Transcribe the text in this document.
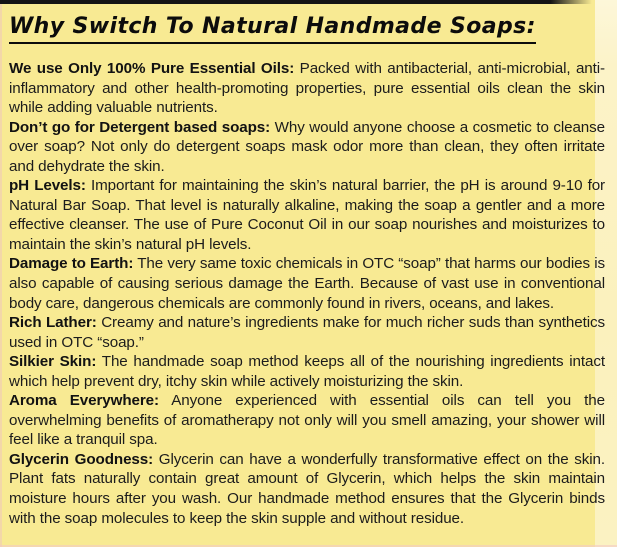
Why Switch To Natural Handmade Soaps:

We use Only 100% Pure Essential Oils: Packed with antibacterial, anti-microbial, anti-inflammatory and other health-promoting properties, pure essential oils clean the skin while adding valuable nutrients.

Don’t go for Detergent based soaps: Why would anyone choose a cosmetic to cleanse over soap? Not only do detergent soaps mask odor more than clean, they often irritate and dehydrate the skin.

pH Levels: Important for maintaining the skin’s natural barrier, the pH is around 9-10 for Natural Bar Soap. That level is naturally alkaline, making the soap a gentler and a more effective cleanser. The use of Pure Coconut Oil in our soap nourishes and moisturizes to maintain the skin’s natural pH levels.

Damage to Earth: The very same toxic chemicals in OTC “soap” that harms our bodies is also capable of causing serious damage the Earth. Because of vast use in conventional body care, dangerous chemicals are commonly found in rivers, oceans, and lakes.

Rich Lather: Creamy and nature’s ingredients make for much richer suds than synthetics used in OTC “soap.”

Silkier Skin: The handmade soap method keeps all of the nourishing ingredients intact which help prevent dry, itchy skin while actively moisturizing the skin.

Aroma Everywhere: Anyone experienced with essential oils can tell you the overwhelming benefits of aromatherapy not only will you smell amazing, your shower will feel like a tranquil spa.

Glycerin Goodness: Glycerin can have a wonderfully transformative effect on the skin. Plant fats naturally contain great amount of Glycerin, which helps the skin maintain moisture hours after you wash. Our handmade method ensures that the Glycerin binds with the soap molecules to keep the skin supple and without residue.
